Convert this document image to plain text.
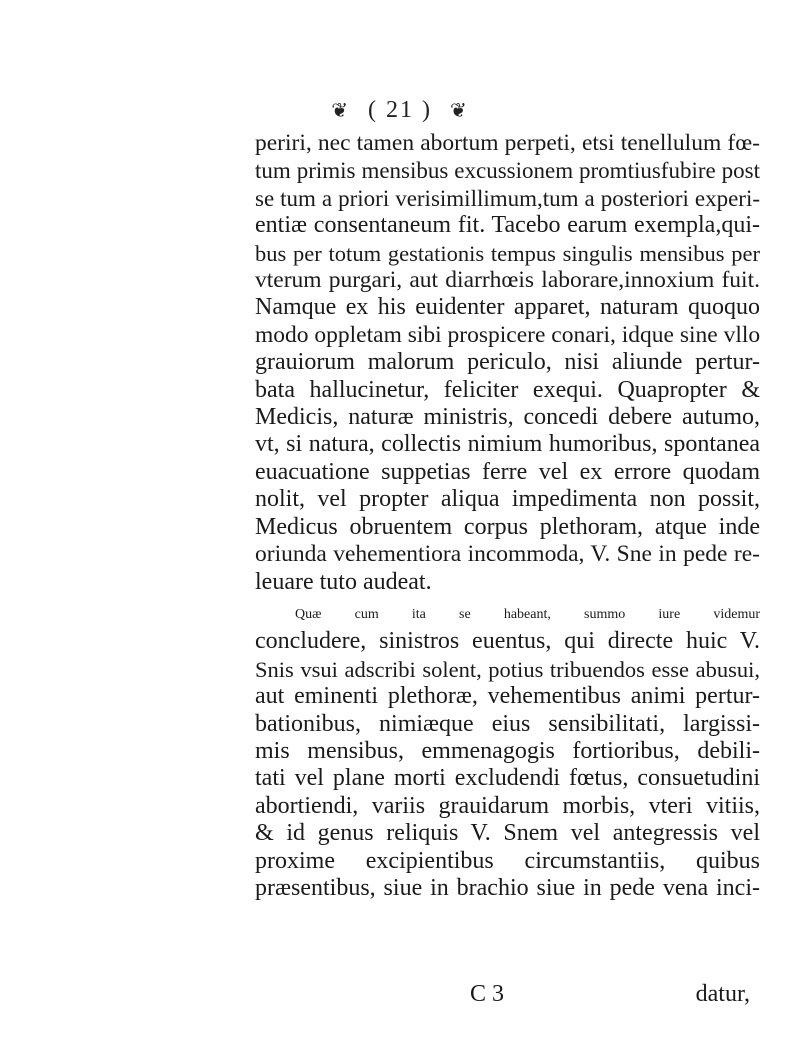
❦ ( 21 ) ❦
periri, nec tamen abortum perpeti, etsi tenellulum fœ-
tum primis mensibus excussionem promtiusfubire post
se tum a priori verisimillimum,tum a posteriori experi-
entiæ consentaneum fit. Tacebo earum exempla,qui-
bus per totum gestationis tempus singulis mensibus per
vterum purgari, aut diarrhœis laborare,innoxium fuit.
Namque ex his euidenter apparet, naturam quoquo
modo oppletam sibi prospicere conari, idque sine vllo
grauiorum malorum periculo, nisi aliunde pertur-
bata hallucinetur, feliciter exequi. Quapropter &
Medicis, naturæ ministris, concedi debere autumo,
vt, si natura, collectis nimium humoribus, spontanea
euacuatione suppetias ferre vel ex errore quodam
nolit, vel propter aliqua impedimenta non possit,
Medicus obruentem corpus plethoram, atque inde
oriunda vehementiora incommoda, V. Sne in pede re-
leuare tuto audeat.
Quæ cum ita se habeant, summo iure videmur
concludere, sinistros euentus, qui directe huic V.
Snis vsui adscribi solent, potius tribuendos esse abusui,
aut eminenti plethoræ, vehementibus animi pertur-
bationibus, nimiæque eius sensibilitati, largissi-
mis mensibus, emmenagogis fortioribus, debili-
tati vel plane morti excludendi fœtus, consuetudini
abortiendi, variis grauidarum morbis, vteri vitiis,
& id genus reliquis V. Snem vel antegressis vel
proxime excipientibus circumstantiis, quibus
præsentibus, siue in brachio siue in pede vena inci-
C 3	datur,
